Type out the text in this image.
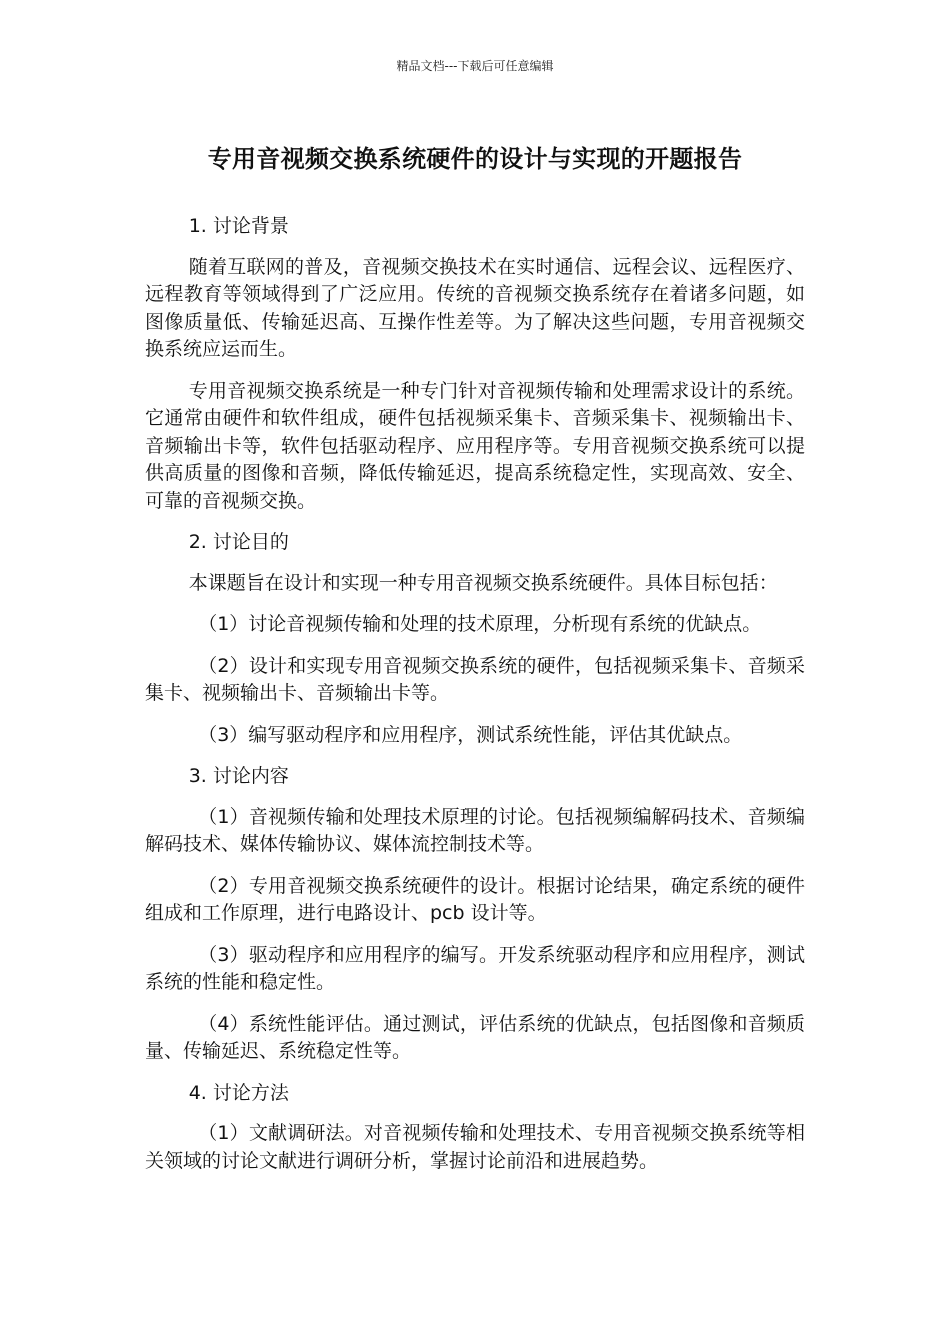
精品文档---下载后可任意编辑
专用音视频交换系统硬件的设计与实现的开题报告

1. 讨论背景

随着互联网的普及，音视频交换技术在实时通信、远程会议、远程医疗、远程教育等领域得到了广泛应用。传统的音视频交换系统存在着诸多问题，如图像质量低、传输延迟高、互操作性差等。为了解决这些问题，专用音视频交换系统应运而生。

专用音视频交换系统是一种专门针对音视频传输和处理需求设计的系统。它通常由硬件和软件组成，硬件包括视频采集卡、音频采集卡、视频输出卡、音频输出卡等，软件包括驱动程序、应用程序等。专用音视频交换系统可以提供高质量的图像和音频，降低传输延迟，提高系统稳定性，实现高效、安全、可靠的音视频交换。

2. 讨论目的

本课题旨在设计和实现一种专用音视频交换系统硬件。具体目标包括：

（1）讨论音视频传输和处理的技术原理，分析现有系统的优缺点。

（2）设计和实现专用音视频交换系统的硬件，包括视频采集卡、音频采集卡、视频输出卡、音频输出卡等。

（3）编写驱动程序和应用程序，测试系统性能，评估其优缺点。

3. 讨论内容

（1）音视频传输和处理技术原理的讨论。包括视频编解码技术、音频编解码技术、媒体传输协议、媒体流控制技术等。

（2）专用音视频交换系统硬件的设计。根据讨论结果，确定系统的硬件组成和工作原理，进行电路设计、pcb 设计等。

（3）驱动程序和应用程序的编写。开发系统驱动程序和应用程序，测试系统的性能和稳定性。

（4）系统性能评估。通过测试，评估系统的优缺点，包括图像和音频质量、传输延迟、系统稳定性等。

4. 讨论方法

（1）文献调研法。对音视频传输和处理技术、专用音视频交换系统等相关领域的讨论文献进行调研分析，掌握讨论前沿和进展趋势。
